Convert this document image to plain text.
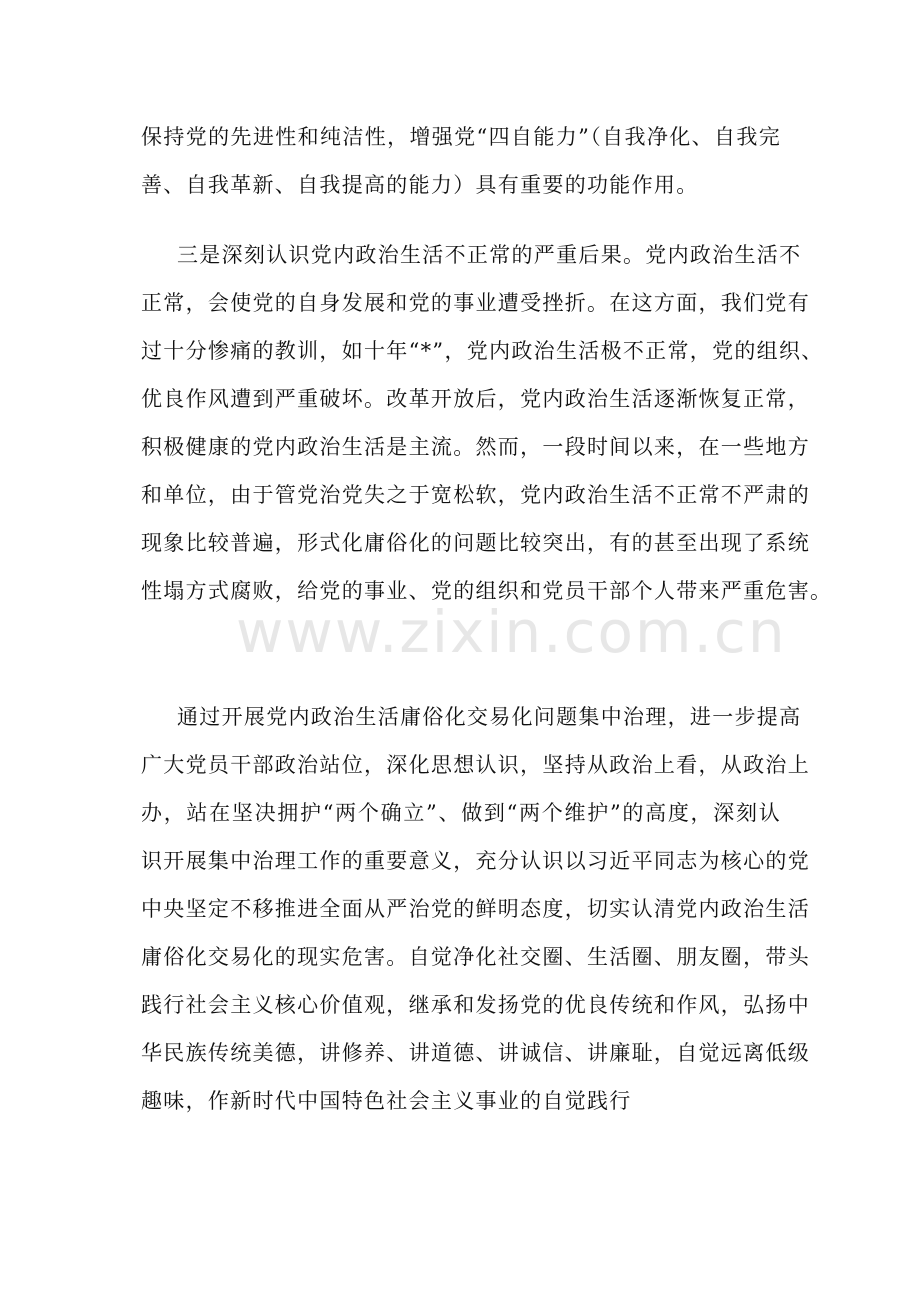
www.zixin.com.cn
保持党的先进性和纯洁性，增强党“四自能力”（自我净化、自我完
善、自我革新、自我提高的能力）具有重要的功能作用。
三是深刻认识党内政治生活不正常的严重后果。党内政治生活不
正常，会使党的自身发展和党的事业遭受挫折。在这方面，我们党有
过十分惨痛的教训，如十年“*”，党内政治生活极不正常，党的组织、
优良作风遭到严重破坏。改革开放后，党内政治生活逐渐恢复正常，
积极健康的党内政治生活是主流。然而，一段时间以来，在一些地方
和单位，由于管党治党失之于宽松软，党内政治生活不正常不严肃的
现象比较普遍，形式化庸俗化的问题比较突出，有的甚至出现了系统
性塌方式腐败，给党的事业、党的组织和党员干部个人带来严重危害。
通过开展党内政治生活庸俗化交易化问题集中治理，进一步提高
广大党员干部政治站位，深化思想认识，坚持从政治上看，从政治上
办，站在坚决拥护“两个确立”、做到“两个维护”的高度，深刻认
识开展集中治理工作的重要意义，充分认识以习近平同志为核心的党
中央坚定不移推进全面从严治党的鲜明态度，切实认清党内政治生活
庸俗化交易化的现实危害。自觉净化社交圈、生活圈、朋友圈，带头
践行社会主义核心价值观，继承和发扬党的优良传统和作风，弘扬中
华民族传统美德，讲修养、讲道德、讲诚信、讲廉耻，自觉远离低级
趣味，作新时代中国特色社会主义事业的自觉践行
